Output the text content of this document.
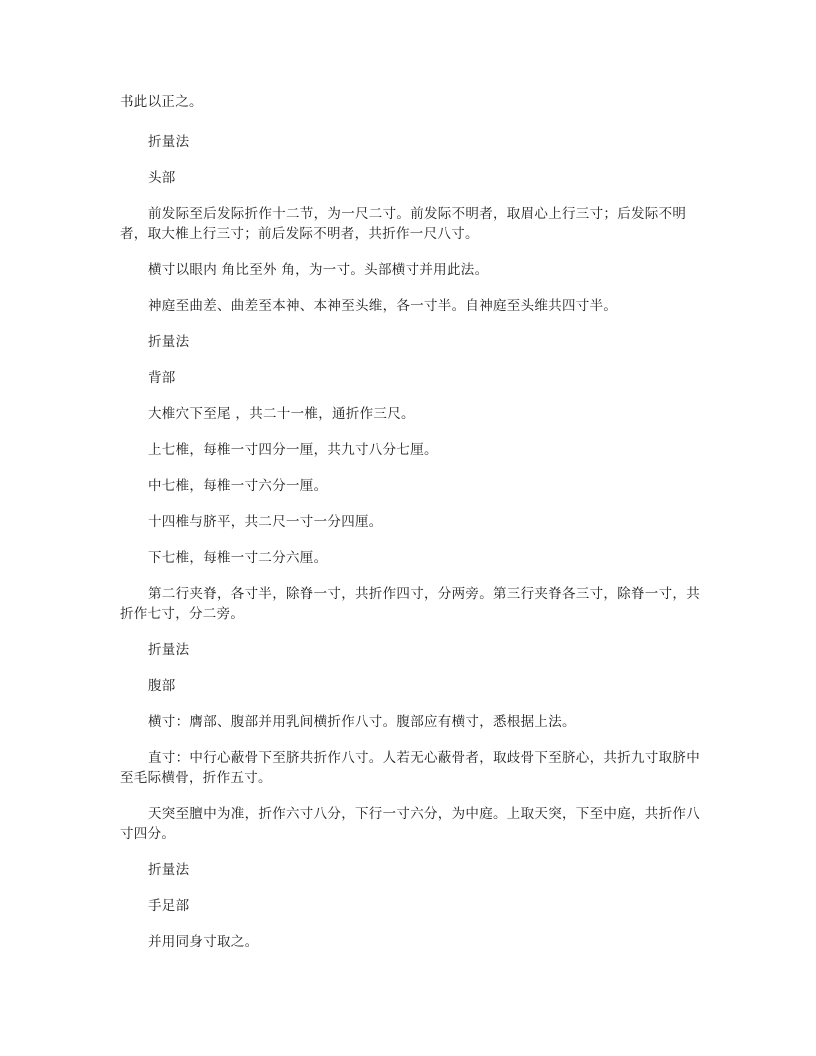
书此以正之。

折量法

头部

前发际至后发际折作十二节，为一尺二寸。前发际不明者，取眉心上行三寸；后发际不明者，取大椎上行三寸；前后发际不明者，共折作一尺八寸。

横寸以眼内 角比至外 角，为一寸。头部横寸并用此法。

神庭至曲差、曲差至本神、本神至头维，各一寸半。自神庭至头维共四寸半。

折量法

背部

大椎穴下至尾 ，共二十一椎，通折作三尺。

上七椎，每椎一寸四分一厘，共九寸八分七厘。

中七椎，每椎一寸六分一厘。

十四椎与脐平，共二尺一寸一分四厘。

下七椎，每椎一寸二分六厘。

第二行夹脊，各寸半，除脊一寸，共折作四寸，分两旁。第三行夹脊各三寸，除脊一寸，共折作七寸，分二旁。

折量法

腹部

横寸：膺部、腹部并用乳间横折作八寸。腹部应有横寸，悉根据上法。

直寸：中行心蔽骨下至脐共折作八寸。人若无心蔽骨者，取歧骨下至脐心，共折九寸取脐中至毛际横骨，折作五寸。

天突至膻中为准，折作六寸八分，下行一寸六分，为中庭。上取天突，下至中庭，共折作八寸四分。

折量法

手足部

并用同身寸取之。
